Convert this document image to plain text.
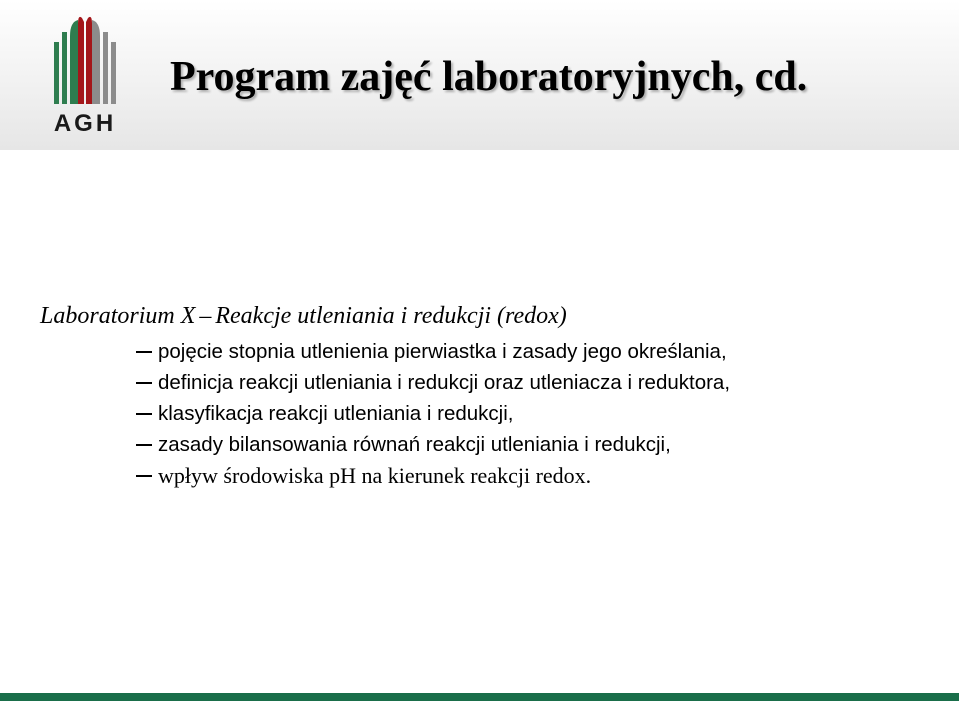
AGH
Program zajęć laboratoryjnych, cd.
Laboratorium X – Reakcje utleniania i redukcji (redox)
pojęcie stopnia utlenienia pierwiastka i zasady jego określania,
definicja reakcji utleniania i redukcji oraz utleniacza i reduktora,
klasyfikacja reakcji utleniania i redukcji,
zasady bilansowania równań reakcji utleniania i redukcji,
wpływ środowiska pH na kierunek reakcji redox.
